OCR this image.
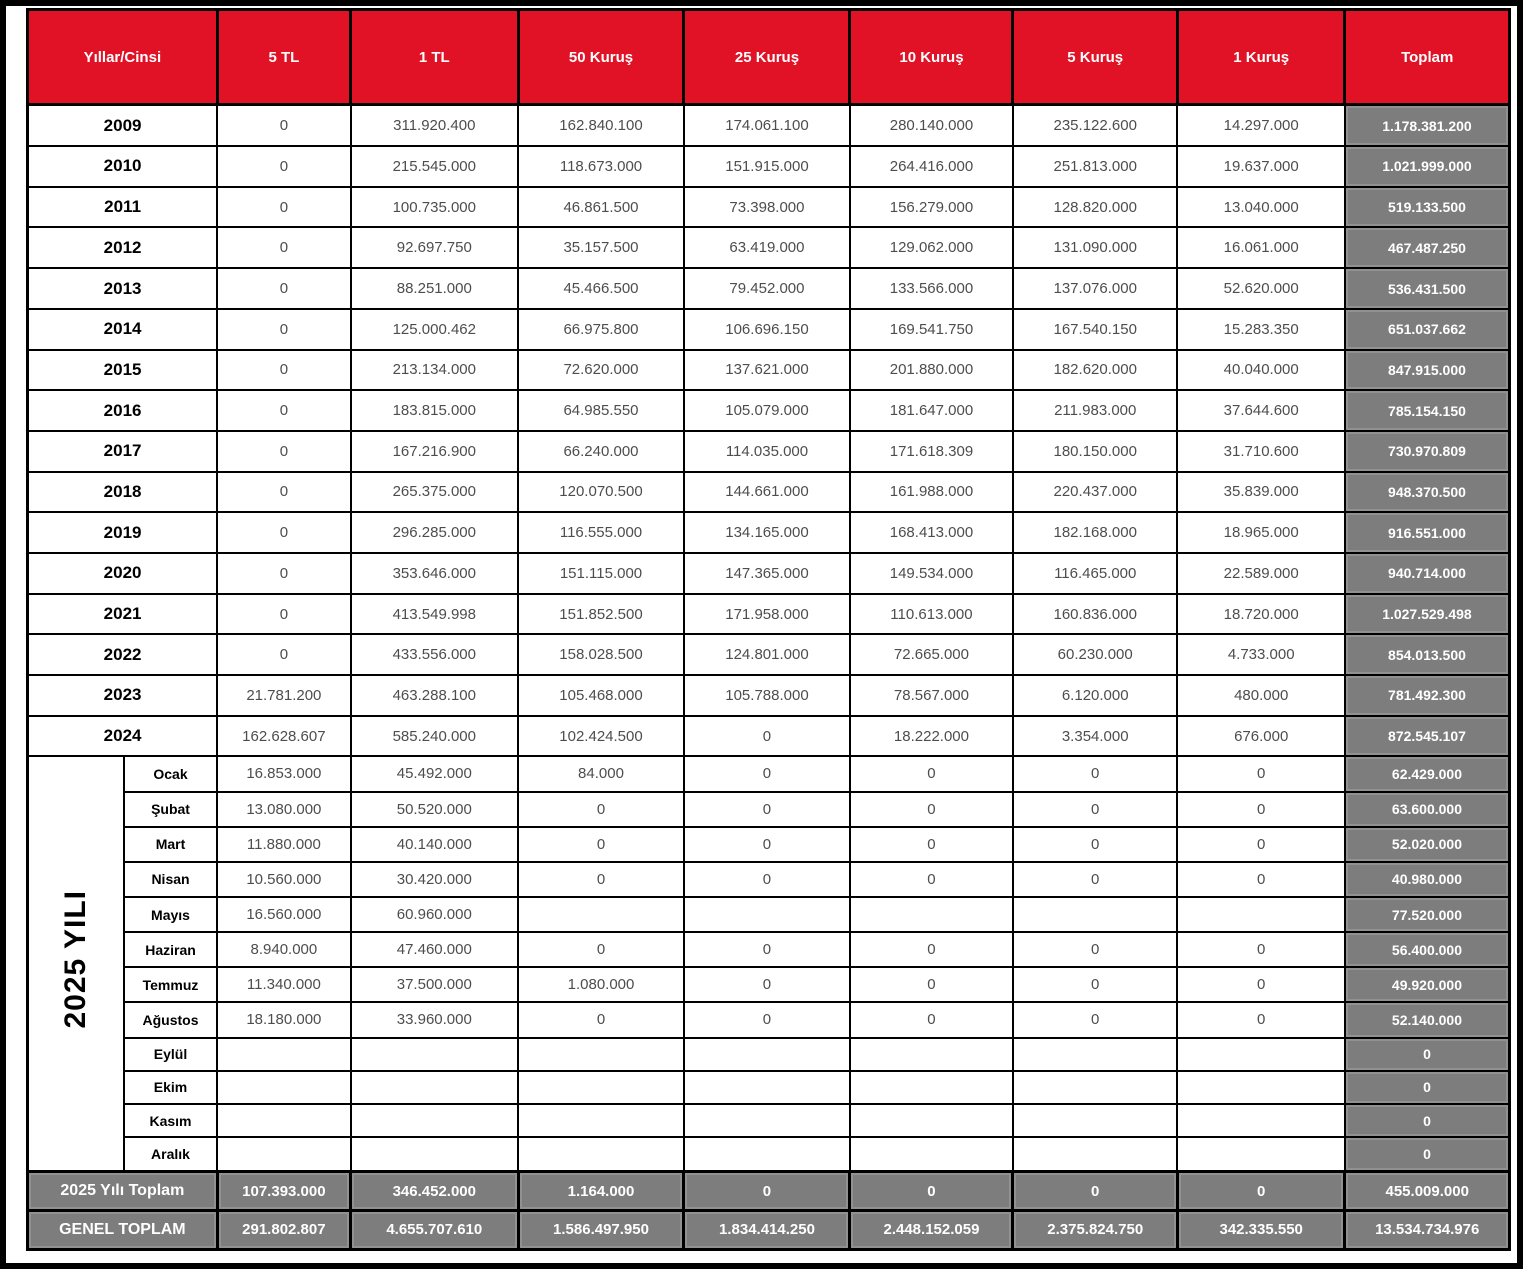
Yıllar/Cinsi		5 TL	1 TL	50 Kuruş	25 Kuruş	10 Kuruş	5 Kuruş	1 Kuruş	Toplam
2009		0	311.920.400	162.840.100	174.061.100	280.140.000	235.122.600	14.297.000	1.178.381.200
2010		0	215.545.000	118.673.000	151.915.000	264.416.000	251.813.000	19.637.000	1.021.999.000
2011		0	100.735.000	46.861.500	73.398.000	156.279.000	128.820.000	13.040.000	519.133.500
2012		0	92.697.750	35.157.500	63.419.000	129.062.000	131.090.000	16.061.000	467.487.250
2013		0	88.251.000	45.466.500	79.452.000	133.566.000	137.076.000	52.620.000	536.431.500
2014		0	125.000.462	66.975.800	106.696.150	169.541.750	167.540.150	15.283.350	651.037.662
2015		0	213.134.000	72.620.000	137.621.000	201.880.000	182.620.000	40.040.000	847.915.000
2016		0	183.815.000	64.985.550	105.079.000	181.647.000	211.983.000	37.644.600	785.154.150
2017		0	167.216.900	66.240.000	114.035.000	171.618.309	180.150.000	31.710.600	730.970.809
2018		0	265.375.000	120.070.500	144.661.000	161.988.000	220.437.000	35.839.000	948.370.500
2019		0	296.285.000	116.555.000	134.165.000	168.413.000	182.168.000	18.965.000	916.551.000
2020		0	353.646.000	151.115.000	147.365.000	149.534.000	116.465.000	22.589.000	940.714.000
2021		0	413.549.998	151.852.500	171.958.000	110.613.000	160.836.000	18.720.000	1.027.529.498
2022		0	433.556.000	158.028.500	124.801.000	72.665.000	60.230.000	4.733.000	854.013.500
2023		21.781.200	463.288.100	105.468.000	105.788.000	78.567.000	6.120.000	480.000	781.492.300
2024		162.628.607	585.240.000	102.424.500	0	18.222.000	3.354.000	676.000	872.545.107
2025 YILI	Ocak	16.853.000	45.492.000	84.000	0	0	0	0	62.429.000
	Şubat	13.080.000	50.520.000	0	0	0	0	0	63.600.000
	Mart	11.880.000	40.140.000	0	0	0	0	0	52.020.000
	Nisan	10.560.000	30.420.000	0	0	0	0	0	40.980.000
	Mayıs	16.560.000	60.960.000						77.520.000
	Haziran	8.940.000	47.460.000	0	0	0	0	0	56.400.000
	Temmuz	11.340.000	37.500.000	1.080.000	0	0	0	0	49.920.000
	Ağustos	18.180.000	33.960.000	0	0	0	0	0	52.140.000
	Eylül								0
	Ekim								0
	Kasım								0
	Aralık								0
2025 Yılı Toplam		107.393.000	346.452.000	1.164.000	0	0	0	0	455.009.000
GENEL TOPLAM		291.802.807	4.655.707.610	1.586.497.950	1.834.414.250	2.448.152.059	2.375.824.750	342.335.550	13.534.734.976
